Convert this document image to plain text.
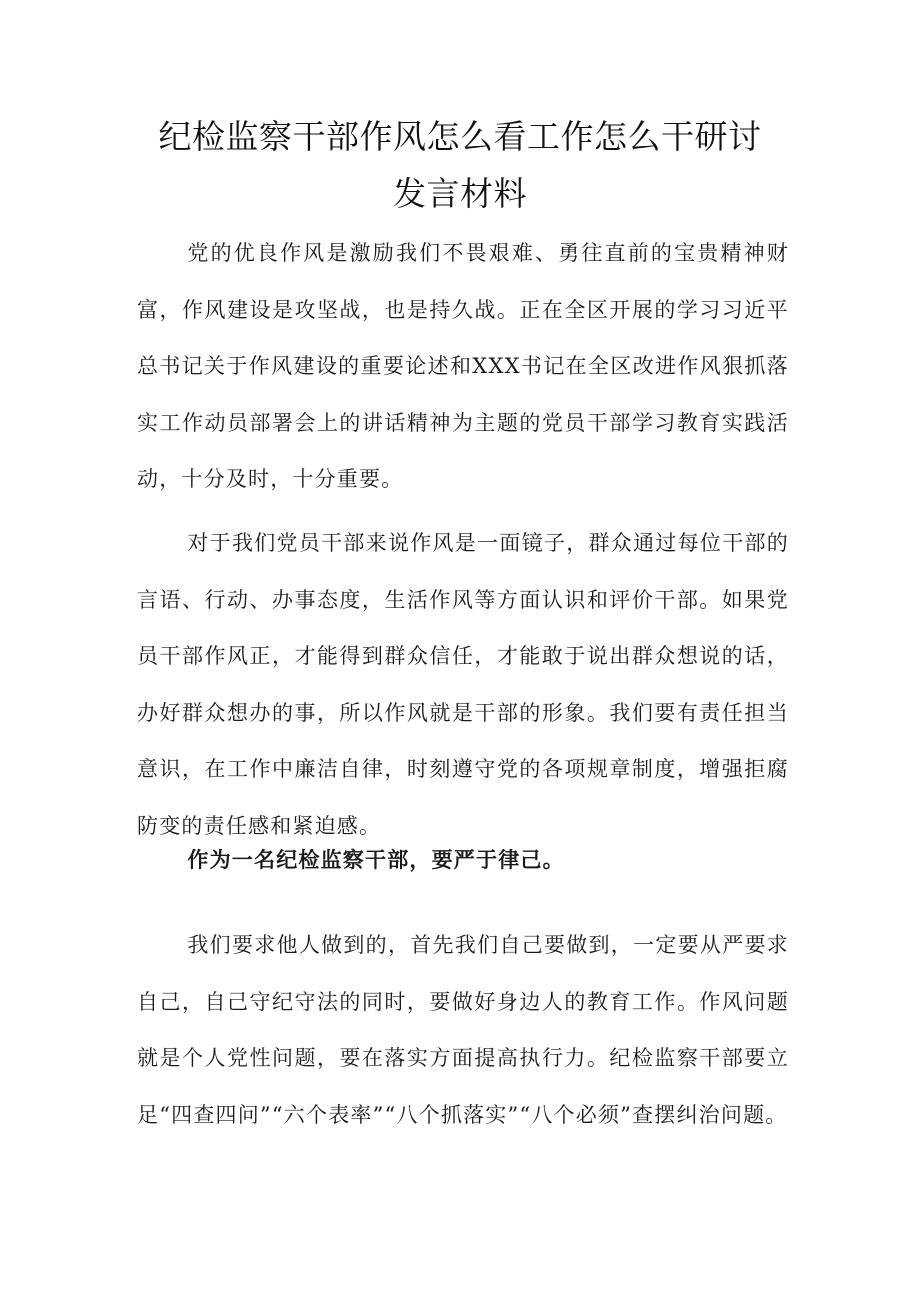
纪检监察干部作风怎么看工作怎么干研讨
发言材料

党的优良作风是激励我们不畏艰难、勇往直前的宝贵精神财富，作风建设是攻坚战，也是持久战。正在全区开展的学习习近平总书记关于作风建设的重要论述和XXX书记在全区改进作风狠抓落实工作动员部署会上的讲话精神为主题的党员干部学习教育实践活动，十分及时，十分重要。

对于我们党员干部来说作风是一面镜子，群众通过每位干部的言语、行动、办事态度，生活作风等方面认识和评价干部。如果党员干部作风正，才能得到群众信任，才能敢于说出群众想说的话，办好群众想办的事，所以作风就是干部的形象。我们要有责任担当意识，在工作中廉洁自律，时刻遵守党的各项规章制度，增强拒腐防变的责任感和紧迫感。

作为一名纪检监察干部，要严于律己。

我们要求他人做到的，首先我们自己要做到，一定要从严要求自己，自己守纪守法的同时，要做好身边人的教育工作。作风问题就是个人党性问题，要在落实方面提高执行力。纪检监察干部要立足“四查四问”“六个表率”“八个抓落实”“八个必须”查摆纠治问题。
